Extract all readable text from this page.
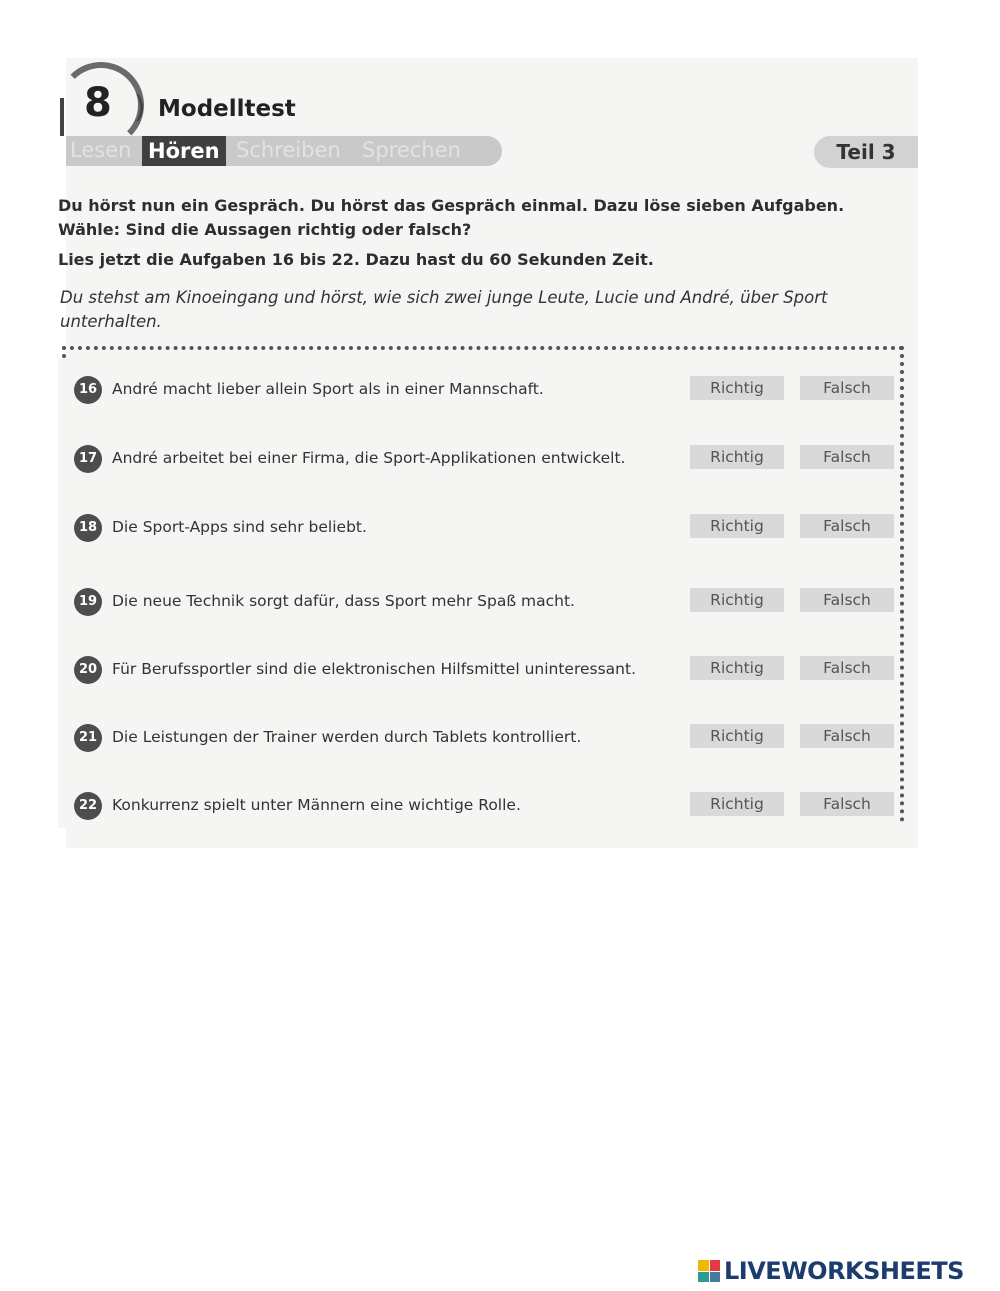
8 ) Modelltest
Lesen Hören Schreiben Sprechen	Teil 3
Du hörst nun ein Gespräch. Du hörst das Gespräch einmal. Dazu löse sieben Aufgaben.
Wähle: Sind die Aussagen richtig oder falsch?
Lies jetzt die Aufgaben 16 bis 22. Dazu hast du 60 Sekunden Zeit.
Du stehst am Kinoeingang und hörst, wie sich zwei junge Leute, Lucie und André, über Sport unterhalten.
16 André macht lieber allein Sport als in einer Mannschaft.	Richtig	Falsch
17 André arbeitet bei einer Firma, die Sport-Applikationen entwickelt.	Richtig	Falsch
18 Die Sport-Apps sind sehr beliebt.	Richtig	Falsch
19 Die neue Technik sorgt dafür, dass Sport mehr Spaß macht.	Richtig	Falsch
20 Für Berufssportler sind die elektronischen Hilfsmittel uninteressant.	Richtig	Falsch
21 Die Leistungen der Trainer werden durch Tablets kontrolliert.	Richtig	Falsch
22 Konkurrenz spielt unter Männern eine wichtige Rolle.	Richtig	Falsch
LIVEWORKSHEETS
